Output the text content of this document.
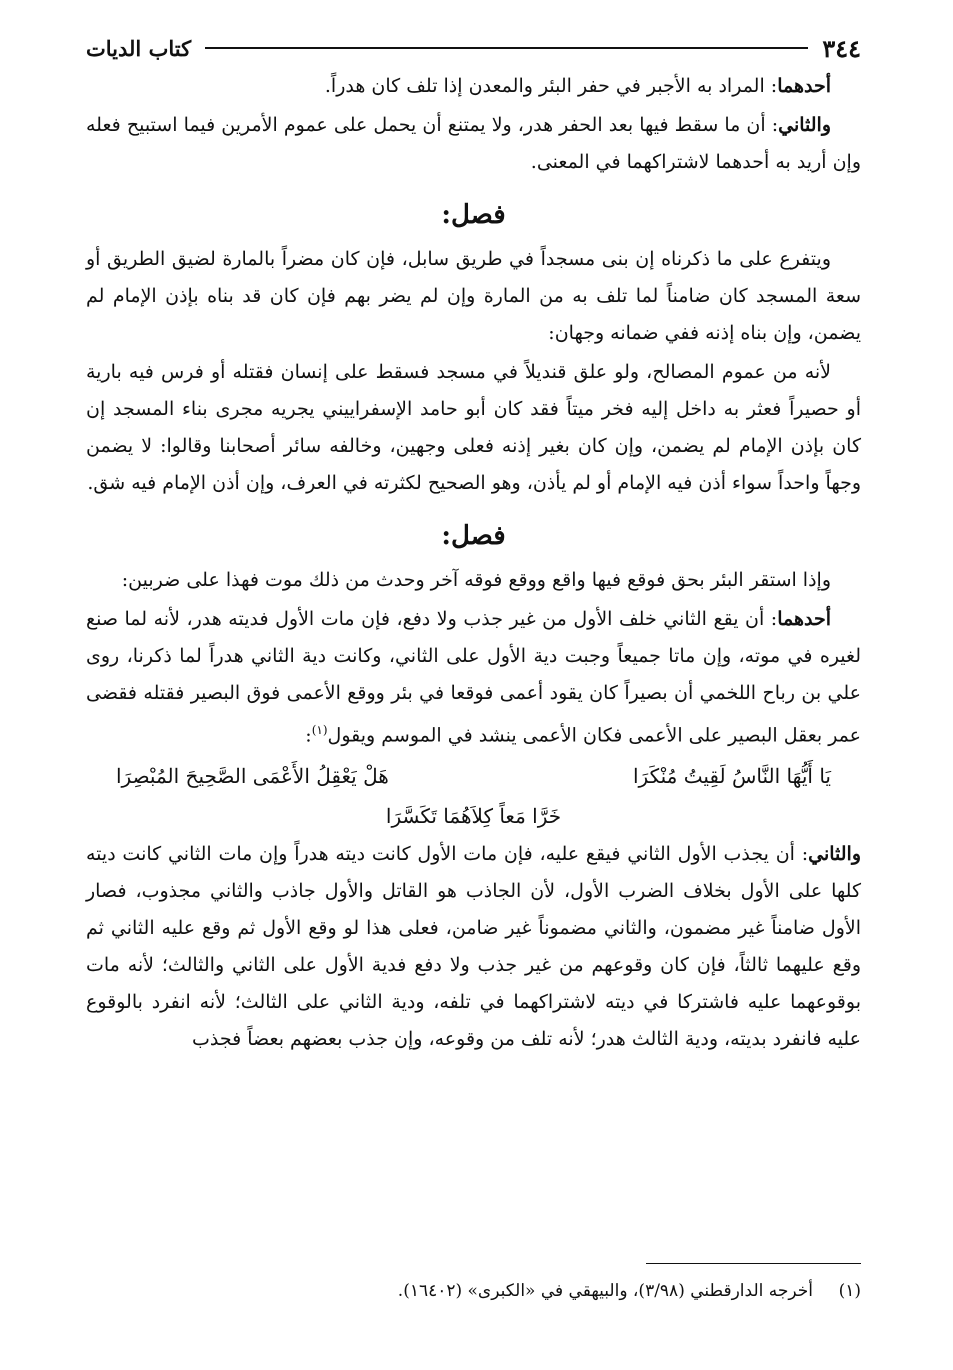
٣٤٤
كتاب الديات

أحدهما: المراد به الأجبر في حفر البئر والمعدن إذا تلف كان هدراً.

والثاني: أن ما سقط فيها بعد الحفر هدر، ولا يمتنع أن يحمل على عموم الأمرين فيما استبيح فعله وإن أريد به أحدهما لاشتراكهما في المعنى.

فصل:

ويتفرع على ما ذكرناه إن بنى مسجداً في طريق سابل، فإن كان مضراً بالمارة لضيق الطريق أو سعة المسجد كان ضامناً لما تلف به من المارة وإن لم يضر بهم فإن كان قد بناه بإذن الإمام لم يضمن، وإن بناه إذنه ففي ضمانه وجهان:

لأنه من عموم المصالح، ولو علق قنديلاً في مسجد فسقط على إنسان فقتله أو فرس فيه بارية أو حصيراً فعثر به داخل إليه فخر ميتاً فقد كان أبو حامد الإسفراييني يجريه مجرى بناء المسجد إن كان بإذن الإمام لم يضمن، وإن كان بغير إذنه فعلى وجهين، وخالفه سائر أصحابنا وقالوا: لا يضمن وجهاً واحداً سواء أذن فيه الإمام أو لم يأذن، وهو الصحيح لكثرته في العرف، وإن أذن الإمام فيه شق.

فصل:

وإذا استقر البئر بحق فوقع فيها واقع ووقع فوقه آخر وحدث من ذلك موت فهذا على ضربين:

أحدهما: أن يقع الثاني خلف الأول من غير جذب ولا دفع، فإن مات الأول فديته هدر، لأنه لما صنع لغيره في موته، وإن ماتا جميعاً وجبت دية الأول على الثاني، وكانت دية الثاني هدراً لما ذكرنا، روى علي بن رباح اللخمي أن بصيراً كان يقود أعمى فوقعا في بئر ووقع الأعمى فوق البصير فقتله فقضى عمر بعقل البصير على الأعمى فكان الأعمى ينشد في الموسم ويقول$^{(١)}$:

يَا أَيُّهَا النَّاسُ لَقِيتُ مُنْكَرَا
هَلْ يَعْقِلُ الأَعْمَى الصَّحِيحَ المُبْصِرَا
خَرَّا مَعاً كِلاَهُمَا تَكَسَّرَا

والثاني: أن يجذب الأول الثاني فيقع عليه، فإن مات الأول كانت ديته هدراً وإن مات الثاني كانت ديته كلها على الأول بخلاف الضرب الأول، لأن الجاذب هو القاتل والأول جاذب والثاني مجذوب، فصار الأول ضامناً غير مضمون، والثاني مضموناً غير ضامن، فعلى هذا لو وقع الأول ثم وقع عليه الثاني ثم وقع عليهما ثالثاً، فإن كان وقوعهم من غير جذب ولا دفع فدية الأول على الثاني والثالث؛ لأنه مات بوقوعهما عليه فاشتركا في ديته لاشتراكهما في تلفه، ودية الثاني على الثالث؛ لأنه انفرد بالوقوع عليه فانفرد بديته، ودية الثالث هدر؛ لأنه تلف من وقوعه، وإن جذب بعضهم بعضاً فجذب

(١)
أخرجه الدارقطني (٣/٩٨)، والبيهقي في «الكبرى» (١٦٤٠٢).
